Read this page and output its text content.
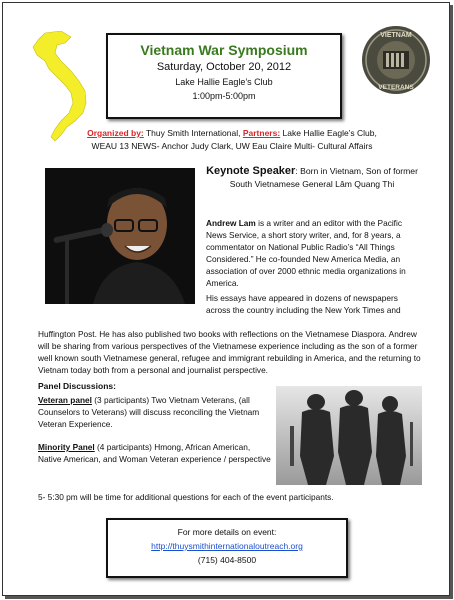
Vietnam War Symposium
Saturday, October 20, 2012
Lake Hallie Eagle’s Club
1:00pm-5:00pm
VIETNAM
VETERANS
Organized by: Thuy Smith International, Partners: Lake Hallie Eagle’s Club,
WEAU 13 NEWS- Anchor Judy Clark, UW Eau Claire Multi- Cultural Affairs
Keynote Speaker: Born in Vietnam, Son of former South Vietnamese General Lâm Quang Thi
Andrew Lam is a writer and an editor with the Pacific News Service, a short story writer, and, for 8 years, a commentator on National Public Radio’s “All Things Considered.” He co-founded New America Media, an association of over 2000 ethnic media organizations in America.
His essays have appeared in dozens of newspapers across the country including the New York Times and
Huffington Post. He has also published two books with reflections on the Vietnamese Diaspora. Andrew will be sharing from various perspectives of the Vietnamese experience including as the son of a former well known south Vietnamese general, refugee and immigrant rebuilding in America, and the returning to Vietnam today both from a personal and journalist perspective.
Panel Discussions:
Veteran panel (3 participants) Two Vietnam Veterans, (all Counselors to Veterans) will discuss reconciling the Vietnam Veteran Experience.
Minority Panel (4 participants) Hmong, African American, Native American, and Woman Veteran experience / perspective
5- 5:30 pm will be time for additional questions for each of the event participants.
For more details on event:
http://thuysmithinternationaloutreach.org
(715) 404-8500
